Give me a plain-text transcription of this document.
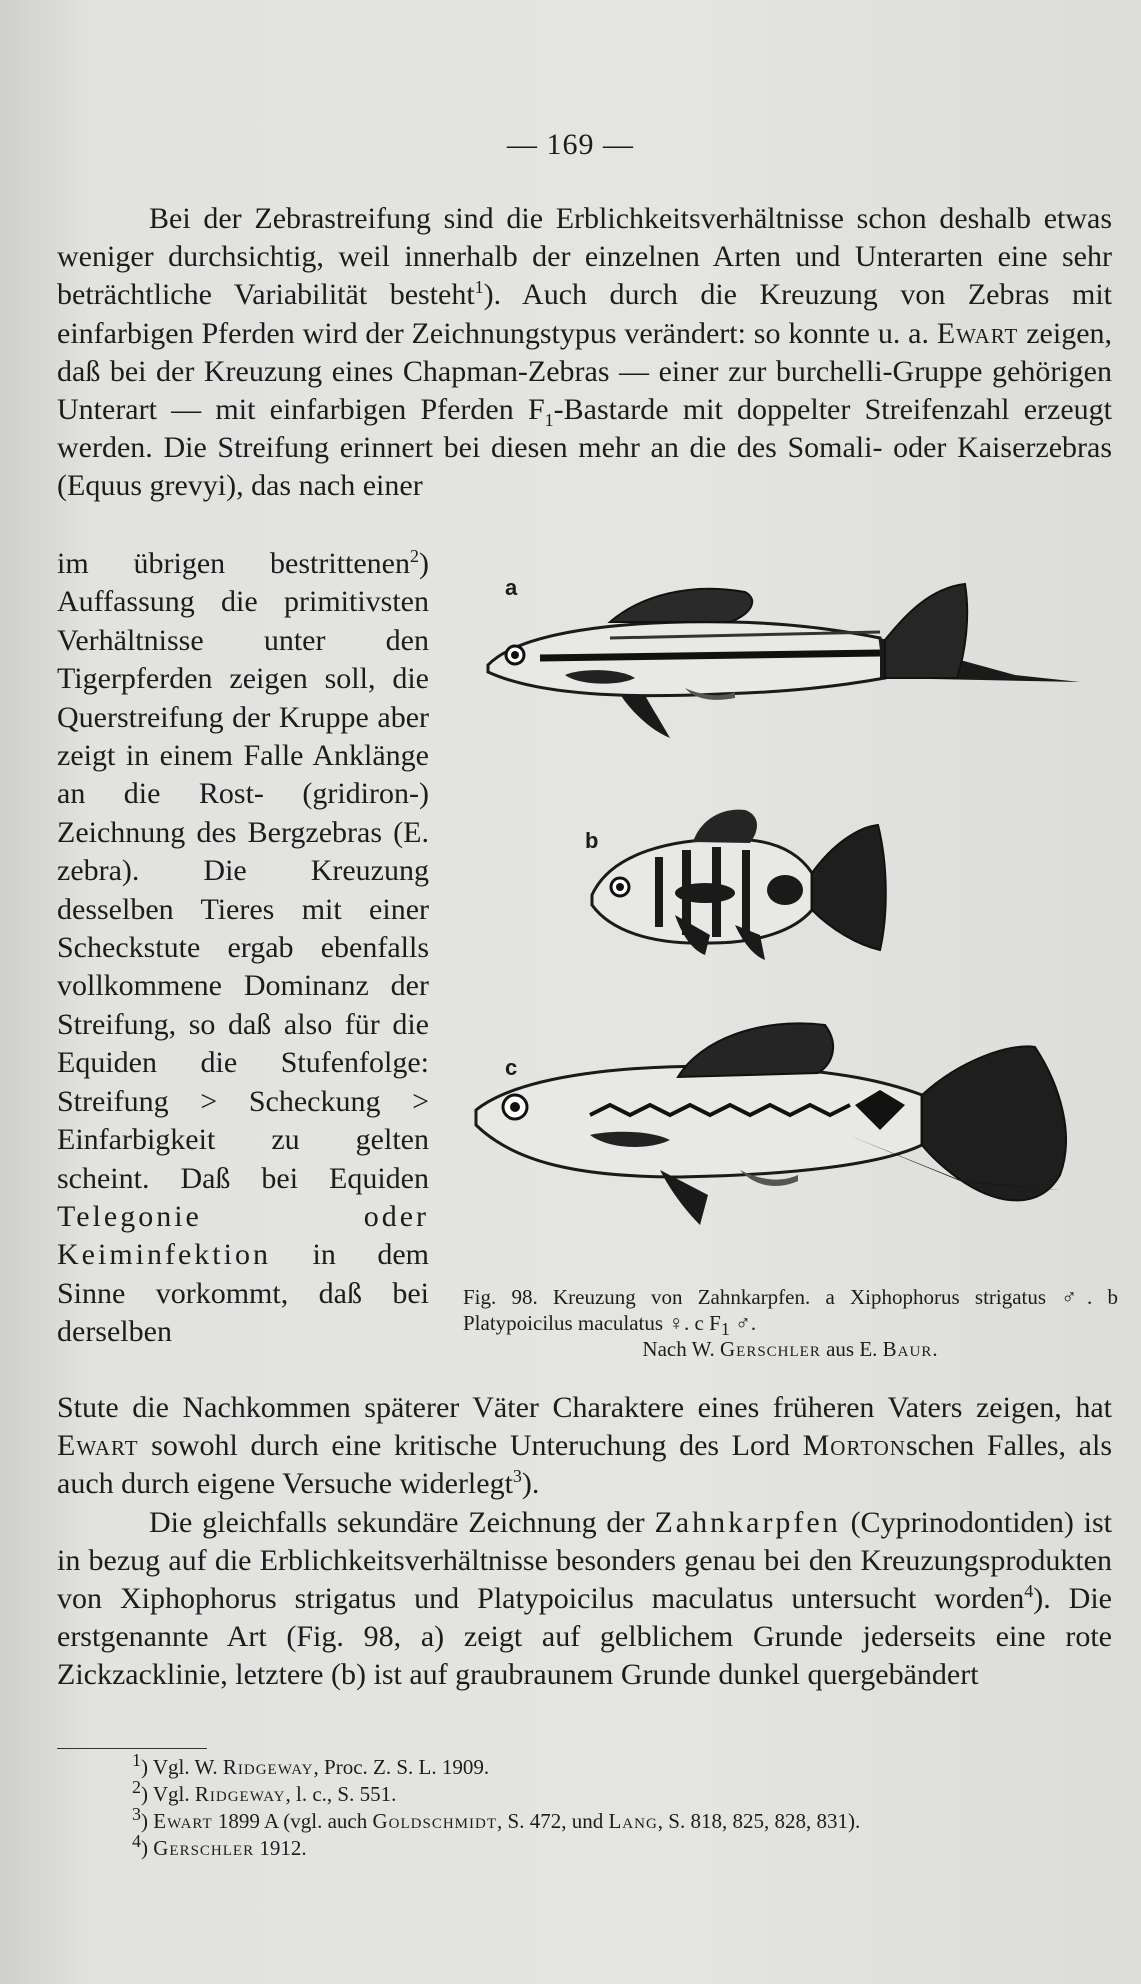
— 169 —

Bei der Zebrastreifung sind die Erblichkeitsverhältnisse schon deshalb etwas weniger durchsichtig, weil innerhalb der einzelnen Arten und Unterarten eine sehr beträchtliche Variabilität besteht$^1$). Auch durch die Kreuzung von Zebras mit einfarbigen Pferden wird der Zeichnungstypus verändert: so konnte u. a. Ewart zeigen, daß bei der Kreuzung eines Chapman-Zebras — einer zur burchelli-Gruppe gehörigen Unterart — mit einfarbigen Pferden $F_1$-Bastarde mit doppelter Streifenzahl erzeugt werden. Die Streifung erinnert bei diesen mehr an die des Somali- oder Kaiserzebras (Equus grevyi), das nach einer

im übrigen bestrittenen$^2$) Auffassung die primitivsten Verhältnisse unter den Tigerpferden zeigen soll, die Querstreifung der Kruppe aber zeigt in einem Falle Anklänge an die Rost- (gridiron-) Zeichnung des Bergzebras (E. zebra). Die Kreuzung desselben Tieres mit einer Scheckstute ergab ebenfalls vollkommene Dominanz der Streifung, so daß also für die Equiden die Stufenfolge: Streifung > Scheckung > Einfarbigkeit zu gelten scheint. Daß bei Equiden Telegonie oder Keiminfektion in dem Sinne vorkommt, daß bei derselben
a
b
c
Fig. 98. Kreuzung von Zahnkarpfen. a Xiphophorus strigatus ♂. b Platypoicilus maculatus ♀. c $F_1$ ♂.
Nach W. Gerschler aus E. Baur.

Stute die Nachkommen späterer Väter Charaktere eines früheren Vaters zeigen, hat Ewart sowohl durch eine kritische Unteruchung des Lord Mortonschen Falles, als auch durch eigene Versuche widerlegt$^3$).

Die gleichfalls sekundäre Zeichnung der Zahnkarpfen (Cyprinodontiden) ist in bezug auf die Erblichkeitsverhältnisse besonders genau bei den Kreuzungsprodukten von Xiphophorus strigatus und Platypoicilus maculatus untersucht worden$^4$). Die erstgenannte Art (Fig. 98, a) zeigt auf gelblichem Grunde jederseits eine rote Zickzacklinie, letztere (b) ist auf graubraunem Grunde dunkel quergebändert

$^1$) Vgl. W. Ridgeway, Proc. Z. S. L. 1909.

$^2$) Vgl. Ridgeway, l. c., S. 551.

$^3$) Ewart 1899 A (vgl. auch Goldschmidt, S. 472, und Lang, S. 818, 825, 828, 831).

$^4$) Gerschler 1912.
